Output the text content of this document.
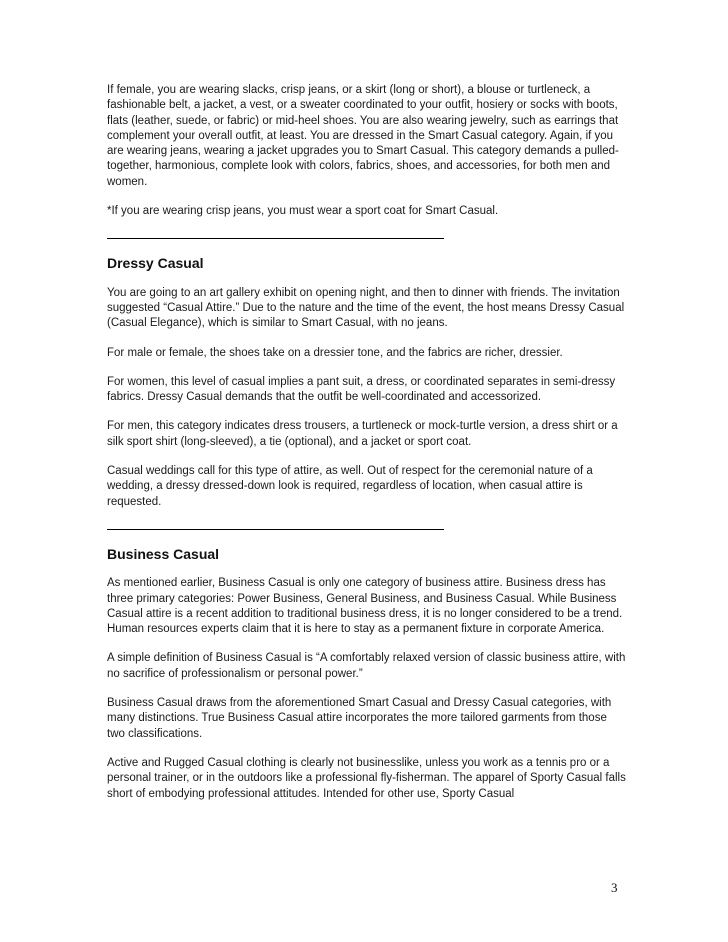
If female, you are wearing slacks, crisp jeans, or a skirt (long or short), a blouse or turtleneck, a fashionable belt, a jacket, a vest, or a sweater coordinated to your outfit, hosiery or socks with boots, flats (leather, suede, or fabric) or mid-heel shoes. You are also wearing jewelry, such as earrings that complement your overall outfit, at least. You are dressed in the Smart Casual category. Again, if you are wearing jeans, wearing a jacket upgrades you to Smart Casual. This category demands a pulled-together, harmonious, complete look with colors, fabrics, shoes, and accessories, for both men and women.

*If you are wearing crisp jeans, you must wear a sport coat for Smart Casual.

Dressy Casual

You are going to an art gallery exhibit on opening night, and then to dinner with friends. The invitation suggested “Casual Attire.” Due to the nature and the time of the event, the host means Dressy Casual (Casual Elegance), which is similar to Smart Casual, with no jeans.

For male or female, the shoes take on a dressier tone, and the fabrics are richer, dressier.

For women, this level of casual implies a pant suit, a dress, or coordinated separates in semi-dressy fabrics. Dressy Casual demands that the outfit be well-coordinated and accessorized.

For men, this category indicates dress trousers, a turtleneck or mock-turtle version, a dress shirt or a silk sport shirt (long-sleeved), a tie (optional), and a jacket or sport coat.

Casual weddings call for this type of attire, as well. Out of respect for the ceremonial nature of a wedding, a dressy dressed-down look is required, regardless of location, when casual attire is requested.

Business Casual

As mentioned earlier, Business Casual is only one category of business attire. Business dress has three primary categories: Power Business, General Business, and Business Casual. While Business Casual attire is a recent addition to traditional business dress, it is no longer considered to be a trend. Human resources experts claim that it is here to stay as a permanent fixture in corporate America.

A simple definition of Business Casual is “A comfortably relaxed version of classic business attire, with no sacrifice of professionalism or personal power.”

Business Casual draws from the aforementioned Smart Casual and Dressy Casual categories, with many distinctions. True Business Casual attire incorporates the more tailored garments from those two classifications.

Active and Rugged Casual clothing is clearly not businesslike, unless you work as a tennis pro or a personal trainer, or in the outdoors like a professional fly-fisherman. The apparel of Sporty Casual falls short of embodying professional attitudes. Intended for other use, Sporty Casual

3
